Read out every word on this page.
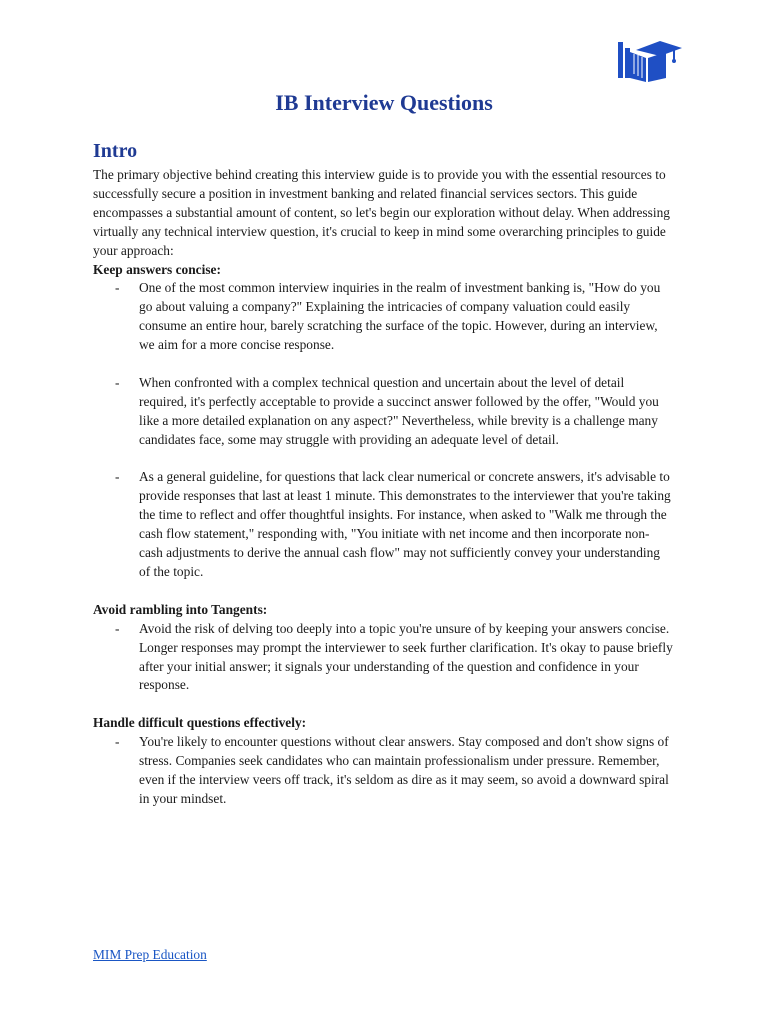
IB Interview Questions
Intro

The primary objective behind creating this interview guide is to provide you with the essential resources to successfully secure a position in investment banking and related financial services sectors. This guide encompasses a substantial amount of content, so let's begin our exploration without delay. When addressing virtually any technical interview question, it's crucial to keep in mind some overarching principles to guide your approach:

Keep answers concise:

- One of the most common interview inquiries in the realm of investment banking is, "How do you go about valuing a company?" Explaining the intricacies of company valuation could easily consume an entire hour, barely scratching the surface of the topic. However, during an interview, we aim for a more concise response.
- When confronted with a complex technical question and uncertain about the level of detail required, it's perfectly acceptable to provide a succinct answer followed by the offer, "Would you like a more detailed explanation on any aspect?" Nevertheless, while brevity is a challenge many candidates face, some may struggle with providing an adequate level of detail.
- As a general guideline, for questions that lack clear numerical or concrete answers, it's advisable to provide responses that last at least 1 minute. This demonstrates to the interviewer that you're taking the time to reflect and offer thoughtful insights. For instance, when asked to "Walk me through the cash flow statement," responding with, "You initiate with net income and then incorporate non-cash adjustments to derive the annual cash flow" may not sufficiently convey your understanding of the topic.

Avoid rambling into Tangents:

- Avoid the risk of delving too deeply into a topic you're unsure of by keeping your answers concise. Longer responses may prompt the interviewer to seek further clarification. It's okay to pause briefly after your initial answer; it signals your understanding of the question and confidence in your response.

Handle difficult questions effectively:

- You're likely to encounter questions without clear answers. Stay composed and don't show signs of stress. Companies seek candidates who can maintain professionalism under pressure. Remember, even if the interview veers off track, it's seldom as dire as it may seem, so avoid a downward spiral in your mindset.
MIM Prep Education
